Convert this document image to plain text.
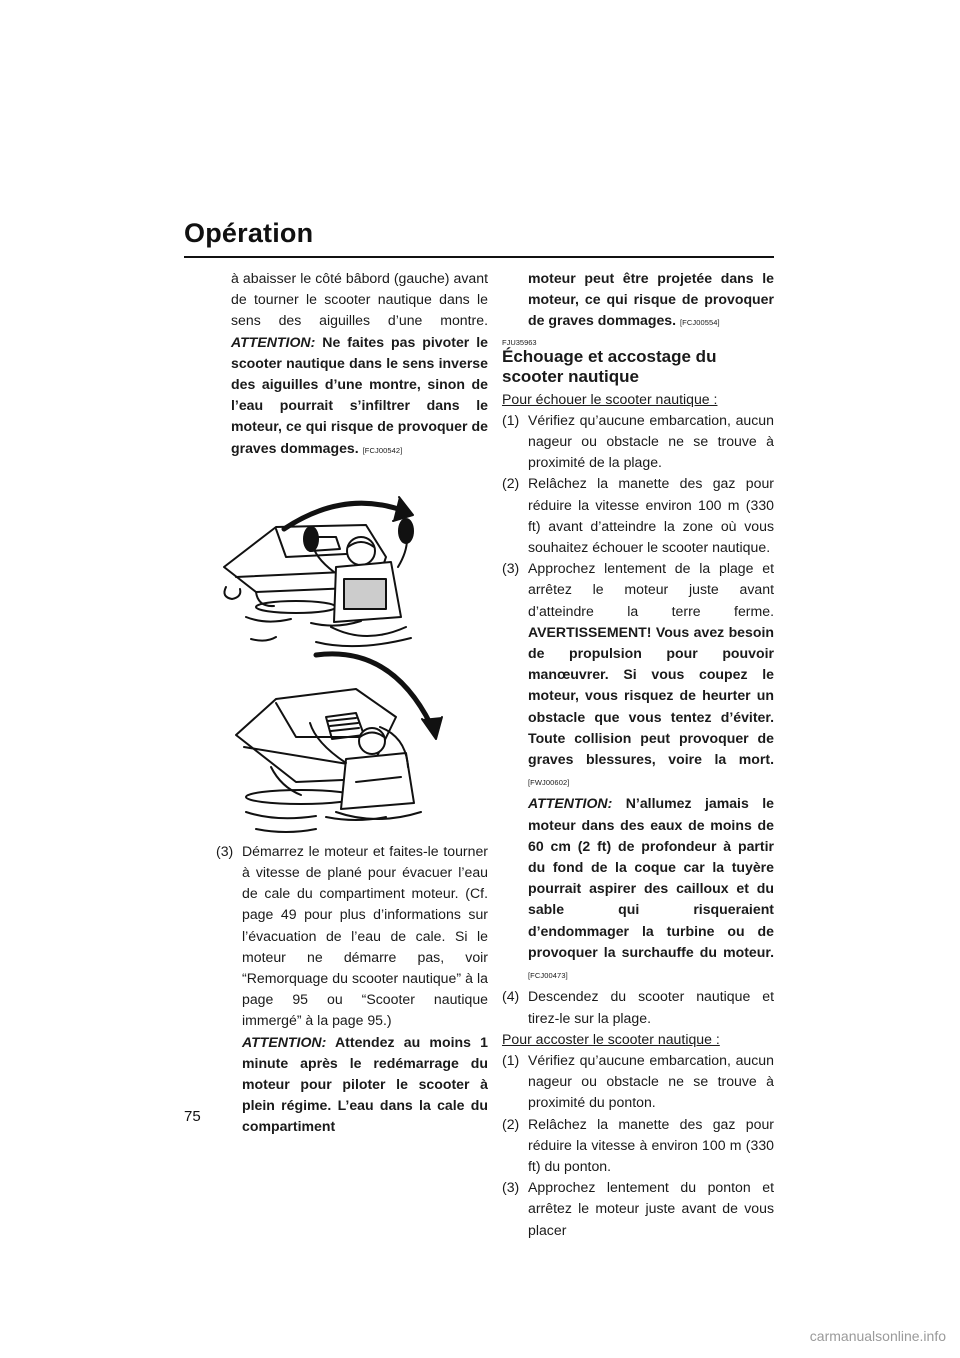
Opération
à abaisser le côté bâbord (gauche) avant de tourner le scooter nautique dans le sens des aiguilles d’une montre. ATTENTION: Ne faites pas pivoter le scooter nautique dans le sens inverse des aiguilles d’une montre, sinon de l’eau pourrait s’infiltrer dans le moteur, ce qui risque de provoquer de graves dommages. [FCJ00542]
(3) Démarrez le moteur et faites-le tourner à vitesse de plané pour évacuer l’eau de cale du compartiment moteur. (Cf. page 49 pour plus d’informations sur l’évacuation de l’eau de cale. Si le moteur ne démarre pas, voir “Remorquage du scooter nautique” à la page 95 ou “Scooter nautique immergé” à la page 95.)
ATTENTION: Attendez au moins 1 minute après le redémarrage du moteur pour piloter le scooter à plein régime. L’eau dans la cale du compartiment
moteur peut être projetée dans le moteur, ce qui risque de provoquer de graves dommages. [FCJ00554]
FJU35963
Échouage et accostage du scooter nautique
Pour échouer le scooter nautique :
(1) Vérifiez qu’aucune embarcation, aucun nageur ou obstacle ne se trouve à proximité de la plage.
(2) Relâchez la manette des gaz pour réduire la vitesse environ 100 m (330 ft) avant d’atteindre la zone où vous souhaitez échouer le scooter nautique.
(3) Approchez lentement de la plage et arrêtez le moteur juste avant d’atteindre la terre ferme. AVERTISSEMENT! Vous avez besoin de propulsion pour pouvoir manœuvrer. Si vous coupez le moteur, vous risquez de heurter un obstacle que vous tentez d’éviter. Toute collision peut provoquer de graves blessures, voire la mort. [FWJ00602]
ATTENTION: N’allumez jamais le moteur dans des eaux de moins de 60 cm (2 ft) de profondeur à partir du fond de la coque car la tuyère pourrait aspirer des cailloux et du sable qui risqueraient d’endommager la turbine ou de provoquer la surchauffe du moteur. [FCJ00473]
(4) Descendez du scooter nautique et tirez-le sur la plage.
Pour accoster le scooter nautique :
(1) Vérifiez qu’aucune embarcation, aucun nageur ou obstacle ne se trouve à proximité du ponton.
(2) Relâchez la manette des gaz pour réduire la vitesse à environ 100 m (330 ft) du ponton.
(3) Approchez lentement du ponton et arrêtez le moteur juste avant de vous placer
75
carmanualsonline.info
